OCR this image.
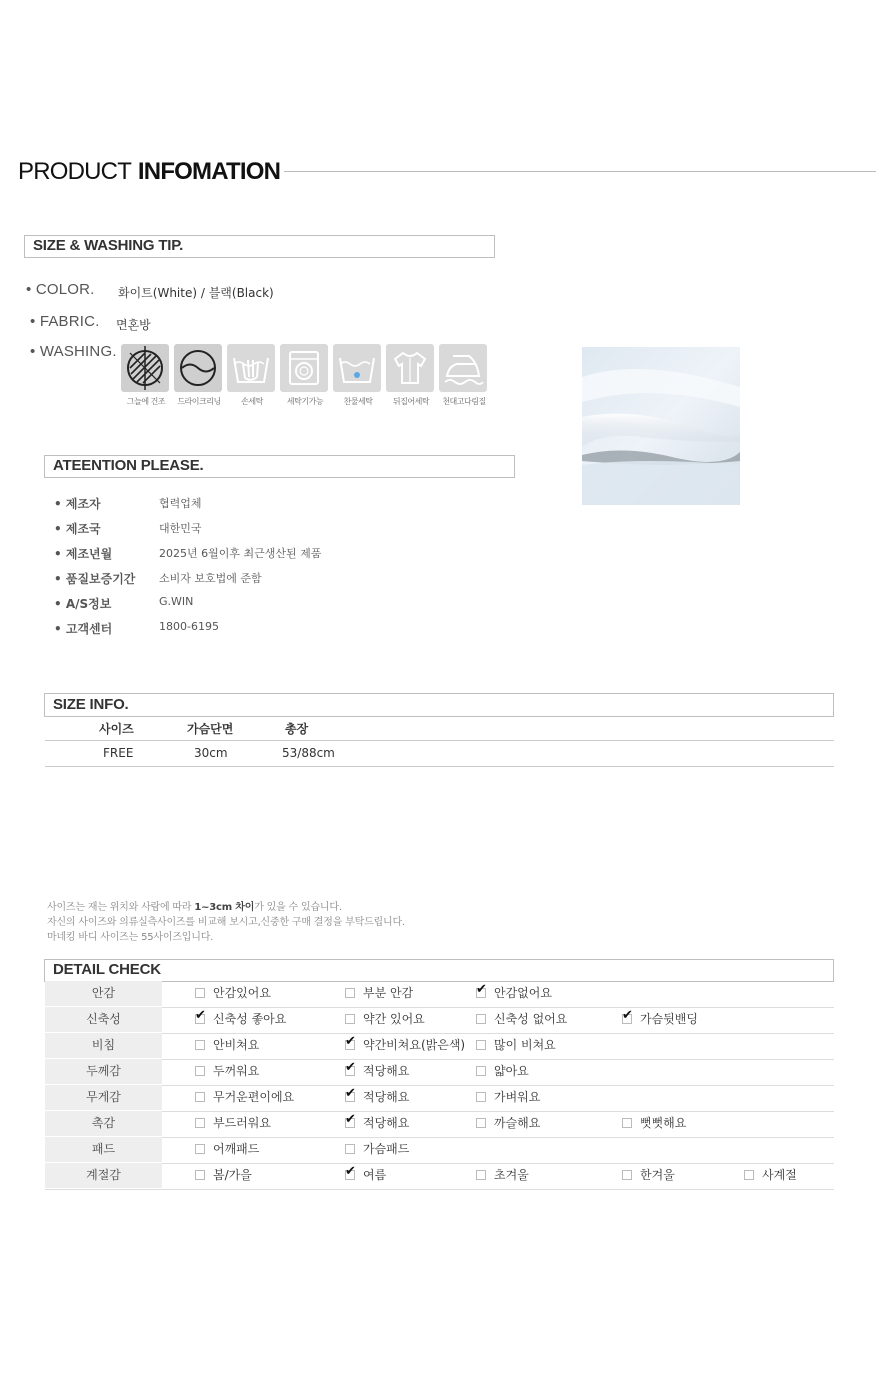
PRODUCT INFOMATION
SIZE & WASHING TIP.
• COLOR. 화이트(White) / 블랙(Black)
• FABRIC. 면혼방
• WASHING.
그늘에 건조	드라이크리닝	손세탁	세탁기가능	찬물세탁	뒤집어세탁	천대고다림질
ATEENTION PLEASE.
• 제조자	협력업체
• 제조국	대한민국
• 제조년월	2025년 6월이후 최근생산된 제품
• 품질보증기간 소비자 보호법에 준함
• A/S정보	G.WIN
• 고객센터	1800-6195
SIZE INFO.
사이즈	가슴단면	총장
FREE	30cm	53/88cm
사이즈는 재는 위치와 사람에 따라 1~3cm 차이가 있을 수 있습니다.
자신의 사이즈와 의류실측사이즈를 비교해 보시고,신중한 구매 결정을 부탁드립니다.
마네킹 바디 사이즈는 55사이즈입니다.
DETAIL CHECK
안감	안감있어요	부분 안감 ✔	안감없어요
신축성 ✔	신축성 좋아요	약간 있어요	신축성 없어요 ✔	가슴뒷밴딩
비침	안비쳐요 ✔	약간비쳐요(밝은색)	많이 비쳐요
두께감	두꺼워요 ✔	적당해요	얇아요
무게감	무거운편이에요 ✔	적당해요	가벼워요
촉감	부드러워요 ✔	적당해요	까슬해요	뻣뻣해요
패드	어깨패드	가슴패드
계절감	봄/가을 ✔	여름	초겨울	한겨울	사계절
